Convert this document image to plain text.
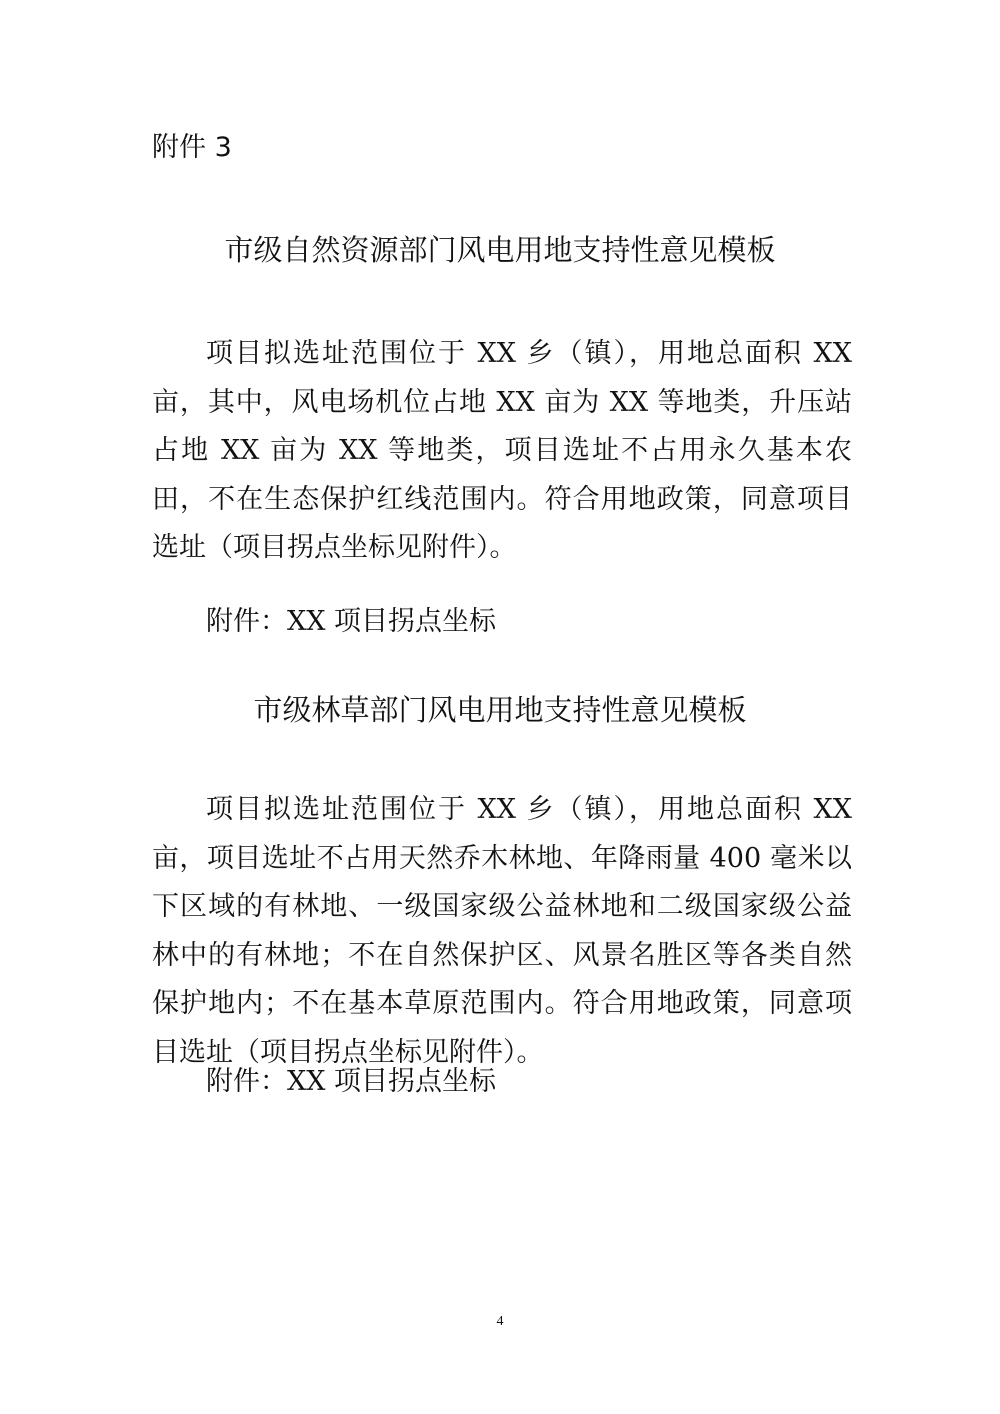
附件 3
市级自然资源部门风电用地支持性意见模板

项目拟选址范围位于 XX 乡（镇），用地总面积 XX 亩，其中，风电场机位占地 XX 亩为 XX 等地类，升压站占地 XX 亩为 XX 等地类，项目选址不占用永久基本农田，不在生态保护红线范围内。符合用地政策，同意项目选址（项目拐点坐标见附件）。

附件：XX 项目拐点坐标
市级林草部门风电用地支持性意见模板

项目拟选址范围位于 XX 乡（镇），用地总面积 XX 亩，项目选址不占用天然乔木林地、年降雨量 400 毫米以下区域的有林地、一级国家级公益林地和二级国家级公益林中的有林地；不在自然保护区、风景名胜区等各类自然保护地内；不在基本草原范围内。符合用地政策，同意项目选址（项目拐点坐标见附件）。

附件：XX 项目拐点坐标
4
